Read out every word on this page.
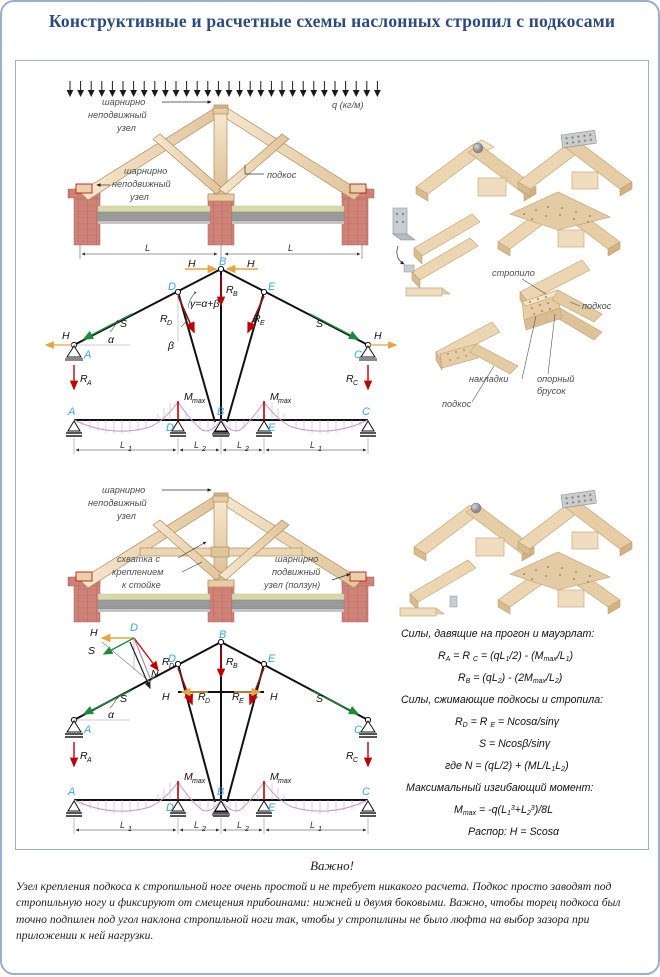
Конструктивные и расчетные схемы наслонных стропил с подкосами
q (кг/м)
шарнирно
неподвижный
узел
шарнирно
неподвижный
узел
подкос
L	L
H	H
R B
R D	R E
S	S
H	H
α	β
γ=α+β
R A	R C
B
D	E
A	C
M max	M max
A
D
B
E
C
L 1	L 2	L 2	L 1
стропило
подкос
накладки	опорный
брусок
подкос
шарнирно
неподвижный
узел
схватка с
креплением
к стойке
шарнирно
подвижный
узел (ползун)
H
S
N
D
R D	R B
R D R E
H	H
S	S
α
R A	R C
B
D	E
A	C
M max	M max
A
D
B
E
C
L 1	L 2	L 2	L 1
Силы, давящие на прогон и мауэрлат:
RA = R C = (qL1/2) - (Mmax/L1)
RB = (qL2) - (2Mmax/L2)
Силы, сжимающие подкосы и стропила:
RD = R E = Ncosα/sinγ
S = Ncosβ/sinγ
где N = (qL/2) + (ML/L1L2)
Максимальный изгибающий момент:
$Mmax = -q(L1^3+L2^3)/8L$
Распор: H = Scosα
Важно!
Узел крепления подкоса к стропильной ноге очень простой и не требует никакого расчета. Подкос просто заводят под стропильную ногу и фиксируют от смещения прибоинами: нижней и двумя боковыми. Важно, чтобы торец подкоса был точно подпилен под угол наклона стропильной ноги так, чтобы у стропилины не было люфта на выбор зазора при приложении к ней нагрузки.
